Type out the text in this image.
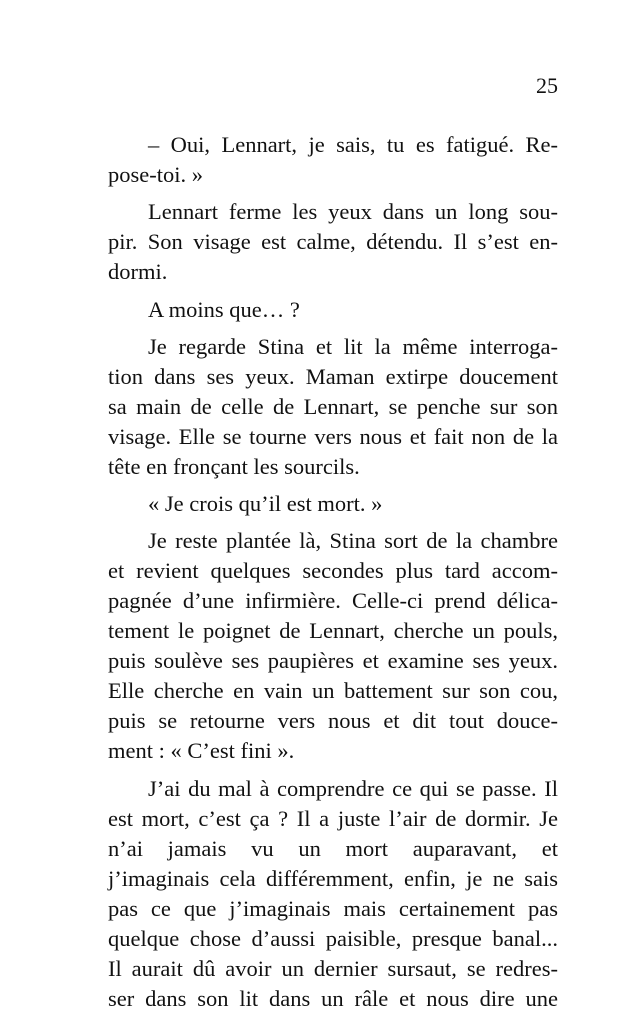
25
– Oui, Lennart, je sais, tu es fatigué. Re-
pose-toi. »
Lennart ferme les yeux dans un long sou-
pir. Son visage est calme, détendu. Il s’est en-
dormi.
A moins que… ?
Je regarde Stina et lit la même interroga-
tion dans ses yeux. Maman extirpe doucement
sa main de celle de Lennart, se penche sur son
visage. Elle se tourne vers nous et fait non de la
tête en fronçant les sourcils.
« Je crois qu’il est mort. »
Je reste plantée là, Stina sort de la chambre
et revient quelques secondes plus tard accom-
pagnée d’une infirmière. Celle-ci prend délica-
tement le poignet de Lennart, cherche un pouls,
puis soulève ses paupières et examine ses yeux.
Elle cherche en vain un battement sur son cou,
puis se retourne vers nous et dit tout douce-
ment : « C’est fini ».
J’ai du mal à comprendre ce qui se passe. Il
est mort, c’est ça ? Il a juste l’air de dormir. Je
n’ai jamais vu un mort auparavant, et
j’imaginais cela différemment, enfin, je ne sais
pas ce que j’imaginais mais certainement pas
quelque chose d’aussi paisible, presque banal...
Il aurait dû avoir un dernier sursaut, se redres-
ser dans son lit dans un râle et nous dire une
